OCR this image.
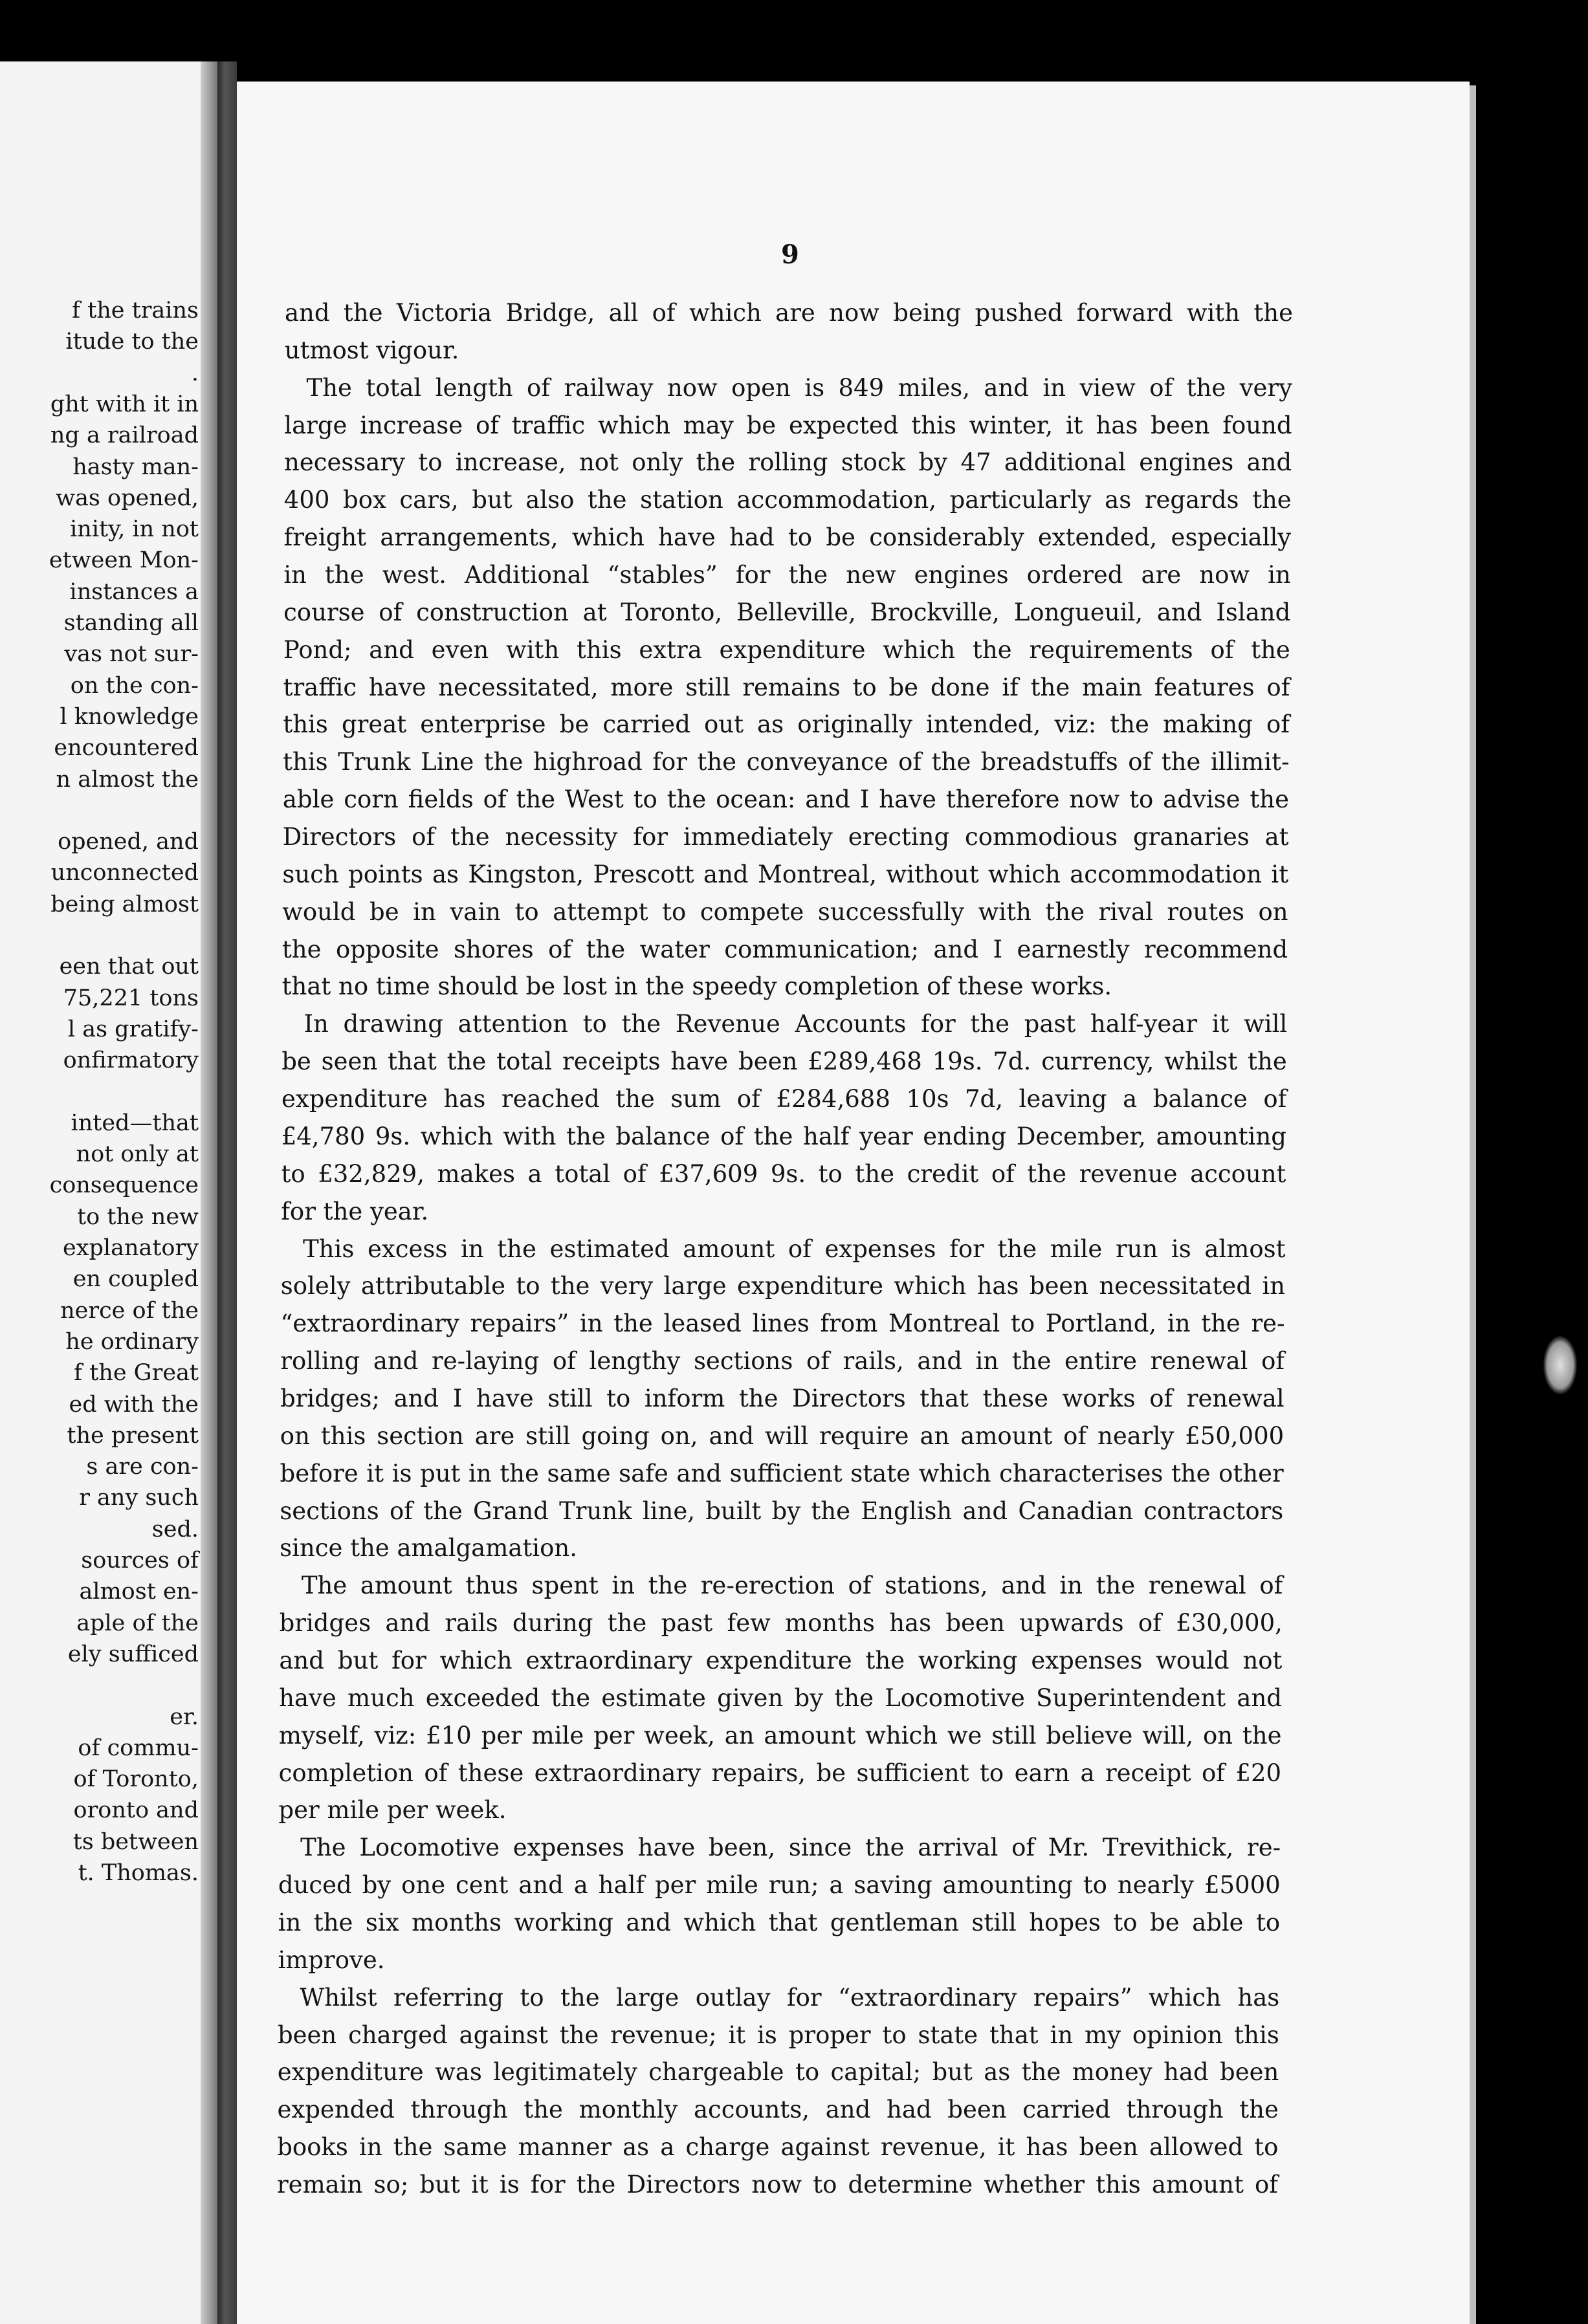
f the trains
itude to the
.
ght with it in
ng a railroad
hasty man-
was opened,
inity, in not
etween Mon-
instances a
standing all
vas not sur-
on the con-
l knowledge
encountered
n almost the
opened, and
unconnected
being almost
een that out
75,221 tons
l as gratify-
onfirmatory
inted—that
not only at
consequence
to the new
explanatory
en coupled
nerce of the
he ordinary
f the Great
ed with the
the present
s are con-
r any such
sed.
sources of
almost en-
aple of the
ely sufficed
er.
of commu-
of Toronto,
oronto and
ts between
t. Thomas.
9
and the Victoria Bridge, all of which are now being pushed forward with the
utmost vigour.
The total length of railway now open is 849 miles, and in view of the very
large increase of traffic which may be expected this winter, it has been found
necessary to increase, not only the rolling stock by 47 additional engines and
400 box cars, but also the station accommodation, particularly as regards the
freight arrangements, which have had to be considerably extended, especially
in the west. Additional “stables” for the new engines ordered are now in
course of construction at Toronto, Belleville, Brockville, Longueuil, and Island
Pond; and even with this extra expenditure which the requirements of the
traffic have necessitated, more still remains to be done if the main features of
this great enterprise be carried out as originally intended, viz: the making of
this Trunk Line the highroad for the conveyance of the breadstuffs of the illimit-
able corn fields of the West to the ocean: and I have therefore now to advise the
Directors of the necessity for immediately erecting commodious granaries at
such points as Kingston, Prescott and Montreal, without which accommodation it
would be in vain to attempt to compete successfully with the rival routes on
the opposite shores of the water communication; and I earnestly recommend
that no time should be lost in the speedy completion of these works.
In drawing attention to the Revenue Accounts for the past half-year it will
be seen that the total receipts have been £289,468 19s. 7d. currency, whilst the
expenditure has reached the sum of £284,688 10s 7d, leaving a balance of
£4,780 9s. which with the balance of the half year ending December, amounting
to £32,829, makes a total of £37,609 9s. to the credit of the revenue account
for the year.
This excess in the estimated amount of expenses for the mile run is almost
solely attributable to the very large expenditure which has been necessitated in
“extraordinary repairs” in the leased lines from Montreal to Portland, in the re-
rolling and re-laying of lengthy sections of rails, and in the entire renewal of
bridges; and I have still to inform the Directors that these works of renewal
on this section are still going on, and will require an amount of nearly £50,000
before it is put in the same safe and sufficient state which characterises the other
sections of the Grand Trunk line, built by the English and Canadian contractors
since the amalgamation.
The amount thus spent in the re-erection of stations, and in the renewal of
bridges and rails during the past few months has been upwards of £30,000,
and but for which extraordinary expenditure the working expenses would not
have much exceeded the estimate given by the Locomotive Superintendent and
myself, viz: £10 per mile per week, an amount which we still believe will, on the
completion of these extraordinary repairs, be sufficient to earn a receipt of £20
per mile per week.
The Locomotive expenses have been, since the arrival of Mr. Trevithick, re-
duced by one cent and a half per mile run; a saving amounting to nearly £5000
in the six months working and which that gentleman still hopes to be able to
improve.
Whilst referring to the large outlay for “extraordinary repairs” which has
been charged against the revenue; it is proper to state that in my opinion this
expenditure was legitimately chargeable to capital; but as the money had been
expended through the monthly accounts, and had been carried through the
books in the same manner as a charge against revenue, it has been allowed to
remain so; but it is for the Directors now to determine whether this amount of
